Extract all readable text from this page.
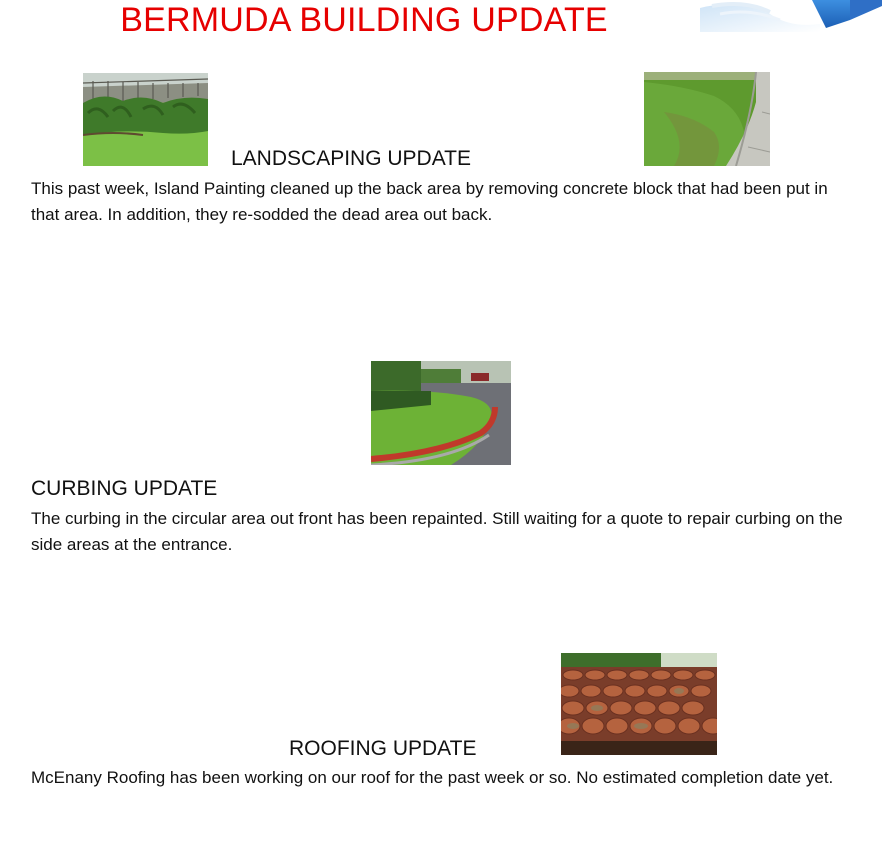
BERMUDA BUILDING UPDATE
LANDSCAPING UPDATE
This past week, Island Painting cleaned up the back area by removing concrete block that had been put in that area. In addition, they re-sodded the dead area out back.
CURBING UPDATE
The curbing in the circular area out front has been repainted. Still waiting for a quote to repair curbing on the side areas at the entrance.
ROOFING UPDATE
McEnany Roofing has been working on our roof for the past week or so. No estimated completion date yet.
